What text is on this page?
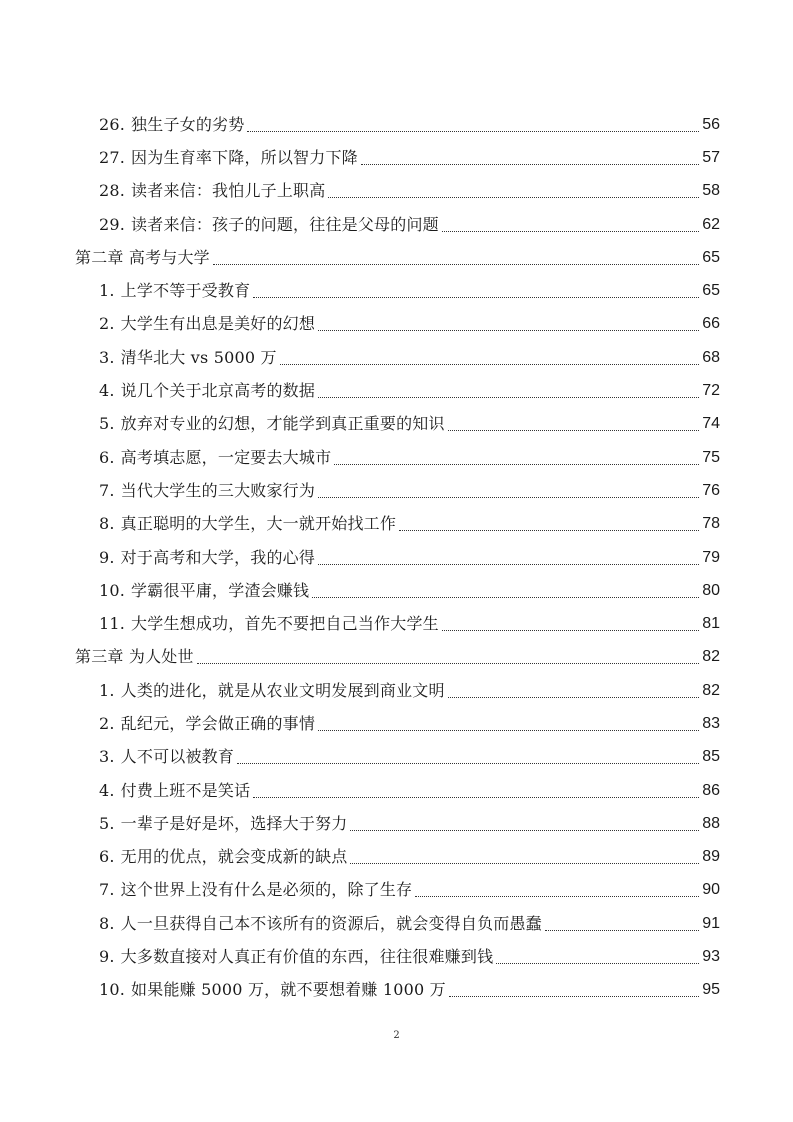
26. 独生子女的劣势	56
27. 因为生育率下降，所以智力下降	57
28. 读者来信：我怕儿子上职高	58
29. 读者来信：孩子的问题，往往是父母的问题	62
第二章 高考与大学	65
1. 上学不等于受教育	65
2. 大学生有出息是美好的幻想	66
3. 清华北大 vs 5000 万	68
4. 说几个关于北京高考的数据	72
5. 放弃对专业的幻想，才能学到真正重要的知识	74
6. 高考填志愿，一定要去大城市	75
7. 当代大学生的三大败家行为	76
8. 真正聪明的大学生，大一就开始找工作	78
9. 对于高考和大学，我的心得	79
10. 学霸很平庸，学渣会赚钱	80
11. 大学生想成功，首先不要把自己当作大学生	81
第三章 为人处世	82
1. 人类的进化，就是从农业文明发展到商业文明	82
2. 乱纪元，学会做正确的事情	83
3. 人不可以被教育	85
4. 付费上班不是笑话	86
5. 一辈子是好是坏，选择大于努力	88
6. 无用的优点，就会变成新的缺点	89
7. 这个世界上没有什么是必须的，除了生存	90
8. 人一旦获得自己本不该所有的资源后，就会变得自负而愚蠢	91
9. 大多数直接对人真正有价值的东西，往往很难赚到钱	93
10. 如果能赚 5000 万，就不要想着赚 1000 万	95
2
